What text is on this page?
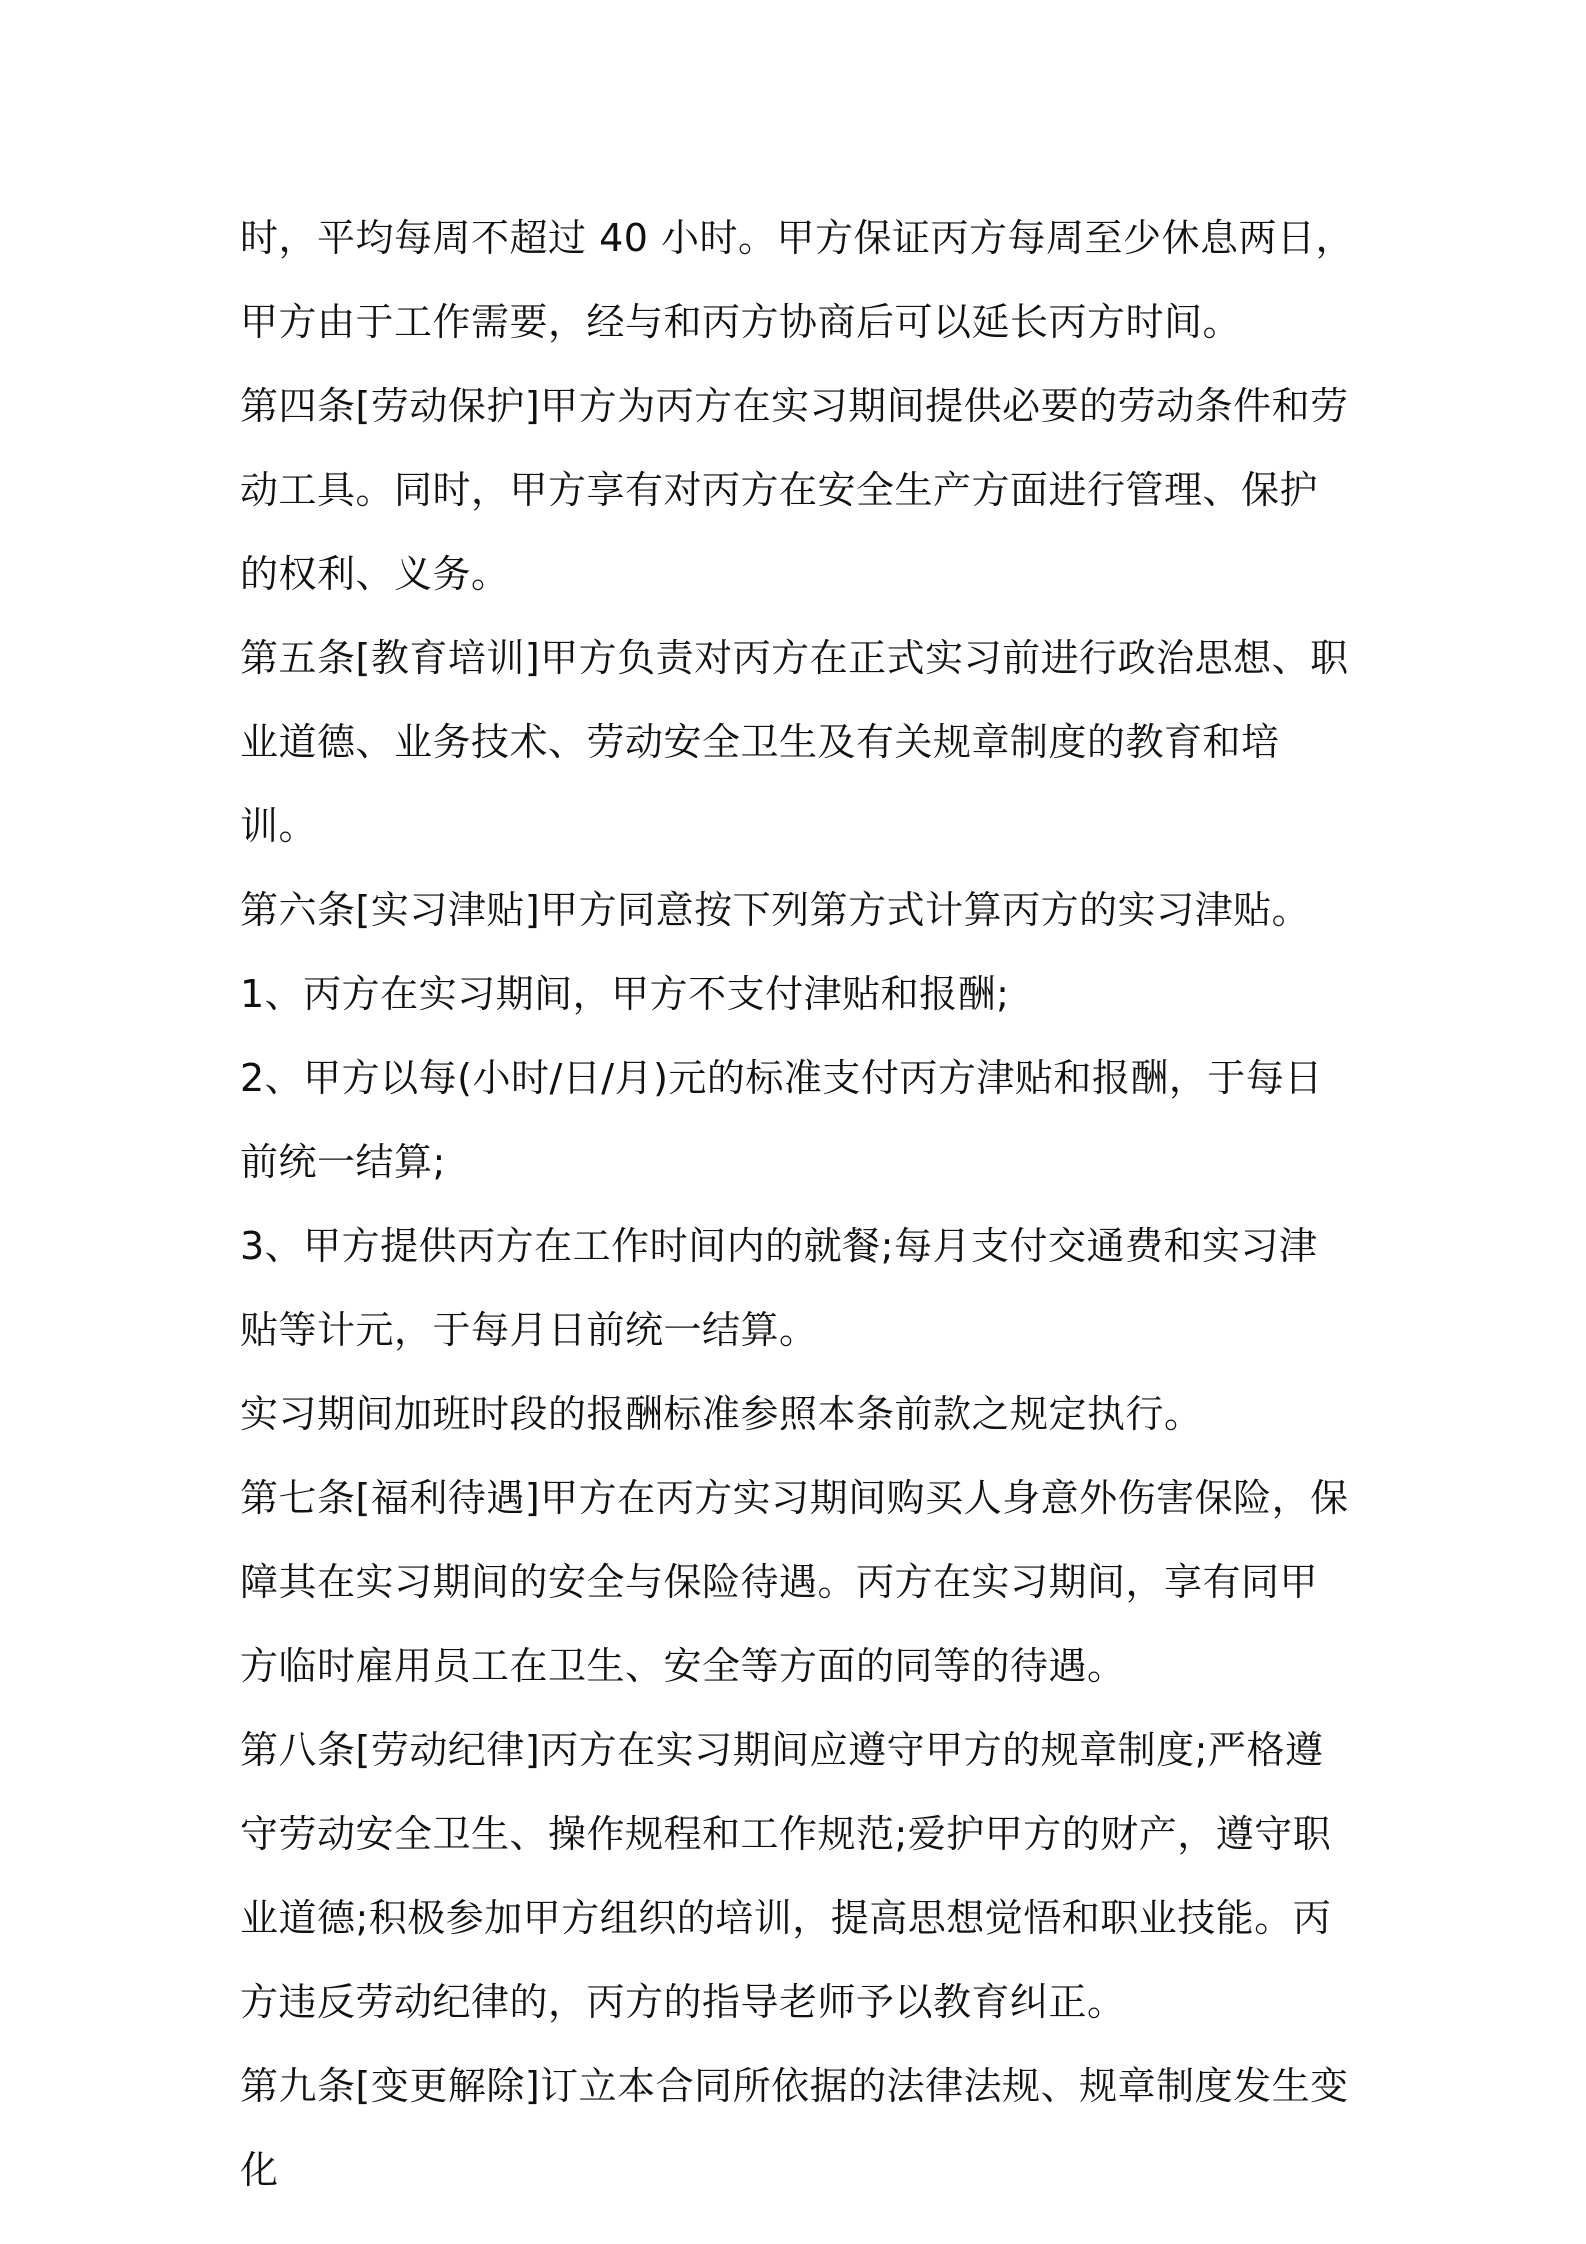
时，平均每周不超过 40 小时。甲方保证丙方每周至少休息两日，甲方由于工作需要，经与和丙方协商后可以延长丙方时间。

第四条[劳动保护]甲方为丙方在实习期间提供必要的劳动条件和劳动工具。同时，甲方享有对丙方在安全生产方面进行管理、保护的权利、义务。

第五条[教育培训]甲方负责对丙方在正式实习前进行政治思想、职业道德、业务技术、劳动安全卫生及有关规章制度的教育和培训。

第六条[实习津贴]甲方同意按下列第方式计算丙方的实习津贴。

1、丙方在实习期间，甲方不支付津贴和报酬;

2、甲方以每(小时/日/月)元的标准支付丙方津贴和报酬，于每日前统一结算;

3、甲方提供丙方在工作时间内的就餐;每月支付交通费和实习津贴等计元，于每月日前统一结算。

实习期间加班时段的报酬标准参照本条前款之规定执行。

第七条[福利待遇]甲方在丙方实习期间购买人身意外伤害保险，保障其在实习期间的安全与保险待遇。丙方在实习期间，享有同甲方临时雇用员工在卫生、安全等方面的同等的待遇。

第八条[劳动纪律]丙方在实习期间应遵守甲方的规章制度;严格遵守劳动安全卫生、操作规程和工作规范;爱护甲方的财产，遵守职业道德;积极参加甲方组织的培训，提高思想觉悟和职业技能。丙方违反劳动纪律的，丙方的指导老师予以教育纠正。

第九条[变更解除]订立本合同所依据的法律法规、规章制度发生变化
